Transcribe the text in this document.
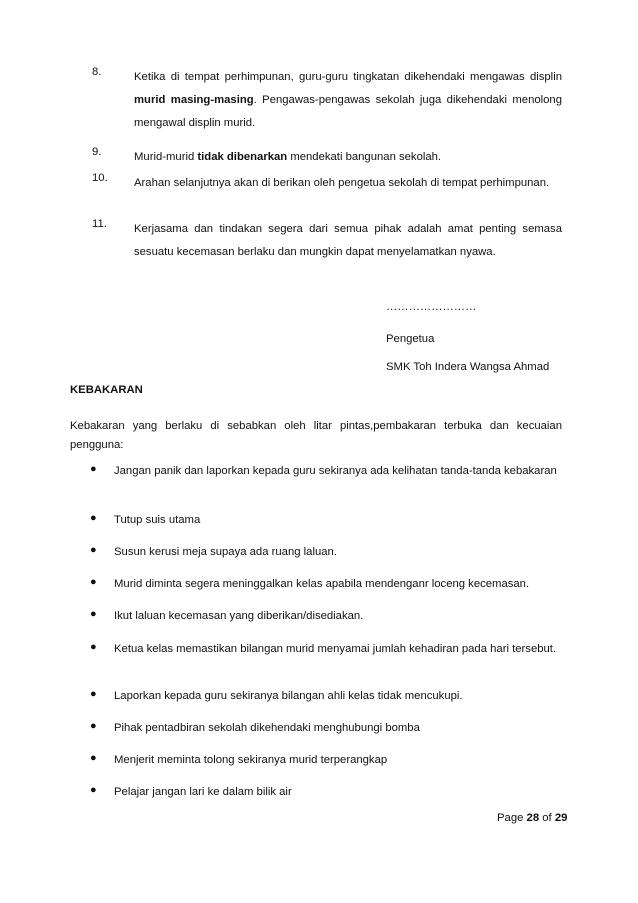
8.	Ketika di tempat perhimpunan, guru-guru tingkatan dikehendaki mengawas displin murid masing-masing. Pengawas-pengawas sekolah juga dikehendaki menolong mengawal displin murid.
9.	Murid-murid tidak dibenarkan mendekati bangunan sekolah.
10. Arahan selanjutnya akan di berikan oleh pengetua sekolah di tempat perhimpunan.
11. Kerjasama dan tindakan segera dari semua pihak adalah amat penting semasa sesuatu kecemasan berlaku dan mungkin dapat menyelamatkan nyawa.
……………………
Pengetua
SMK Toh Indera Wangsa Ahmad
KEBAKARAN
Kebakaran yang berlaku di sebabkan oleh litar pintas,pembakaran terbuka dan kecuaian pengguna:
● Jangan panik dan laporkan kepada guru sekiranya ada kelihatan tanda-tanda kebakaran
● Tutup suis utama
● Susun kerusi meja supaya ada ruang laluan.
● Murid diminta segera meninggalkan kelas apabila mendenganr loceng kecemasan.
● Ikut laluan kecemasan yang diberikan/disediakan.
● Ketua kelas memastikan bilangan murid menyamai jumlah kehadiran pada hari tersebut.
● Laporkan kepada guru sekiranya bilangan ahli kelas tidak mencukupi.
● Pihak pentadbiran sekolah dikehendaki menghubungi bomba
● Menjerit meminta tolong sekiranya murid terperangkap
● Pelajar jangan lari ke dalam bilik air
Page 28 of 29
